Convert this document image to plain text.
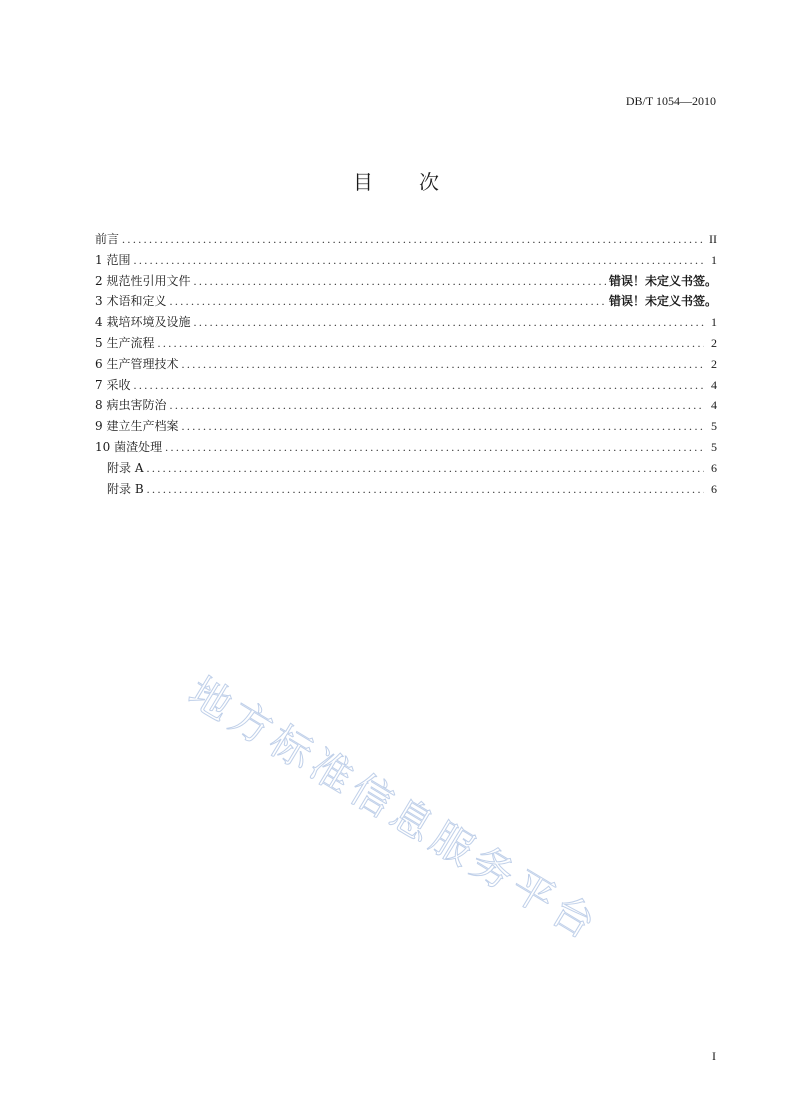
DB/T 1054—2010
目 次
前言 .....	II
1 范围 .....	1
2 规范性引用文件 .....	错误！未定义书签。
3 术语和定义 .....	错误！未定义书签。
4 栽培环境及设施 .....	1
5 生产流程 .....	2
6 生产管理技术 .....	2
7 采收 .....	4
8 病虫害防治 .....	4
9 建立生产档案 .....	5
10 菌渣处理 .....	5
附录 A .....	6
附录 B .....	6
地方标准信息服务平台
I
